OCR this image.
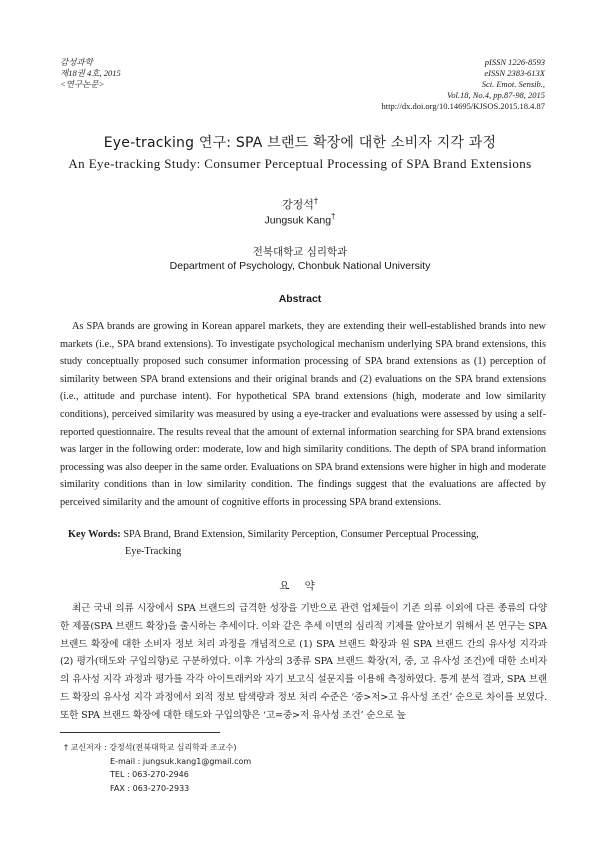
감성과학
제18권 4호, 2015
<연구논문>
pISSN 1226-8593
eISSN 2383-613X
Sci. Emot. Sensib.,
Vol.18, No.4, pp.87-98, 2015
http://dx.doi.org/10.14695/KJSOS.2015.18.4.87
Eye-tracking 연구: SPA 브랜드 확장에 대한 소비자 지각 과정
An Eye-tracking Study: Consumer Perceptual Processing of SPA Brand Extensions
강정석†
Jungsuk Kang†
전북대학교 심리학과
Department of Psychology, Chonbuk National University
Abstract

As SPA brands are growing in Korean apparel markets, they are extending their well-established brands into new markets (i.e., SPA brand extensions). To investigate psychological mechanism underlying SPA brand extensions, this study conceptually proposed such consumer information processing of SPA brand extensions as (1) perception of similarity between SPA brand extensions and their original brands and (2) evaluations on the SPA brand extensions (i.e., attitude and purchase intent). For hypothetical SPA brand extensions (high, moderate and low similarity conditions), perceived similarity was measured by using a eye-tracker and evaluations were assessed by using a self-reported questionnaire. The results reveal that the amount of external information searching for SPA brand extensions was larger in the following order: moderate, low and high similarity conditions. The depth of SPA brand information processing was also deeper in the same order. Evaluations on SPA brand extensions were higher in high and moderate similarity conditions than in low similarity condition. The findings suggest that the evaluations are affected by perceived similarity and the amount of cognitive efforts in processing SPA brand extensions.

Key Words: SPA Brand, Brand Extension, Similarity Perception, Consumer Perceptual Processing,
Eye-Tracking
요 약

최근 국내 의류 시장에서 SPA 브랜드의 급격한 성장을 기반으로 관련 업체들이 기존 의류 이외에 다른 종류의 다양한 제품(SPA 브랜드 확장)을 출시하는 추세이다. 이와 같은 추세 이면의 심리적 기제를 알아보기 위해서 본 연구는 SPA 브랜드 확장에 대한 소비자 정보 처리 과정을 개념적으로 (1) SPA 브랜드 확장과 원 SPA 브랜드 간의 유사성 지각과 (2) 평가(태도와 구입의향)로 구분하였다. 이후 가상의 3종류 SPA 브랜드 확장(저, 중, 고 유사성 조건)에 대한 소비자의 유사성 지각 과정과 평가를 각각 아이트래커와 자기 보고식 설문지를 이용해 측정하였다. 통계 분석 결과, SPA 브랜드 확장의 유사성 지각 과정에서 외적 정보 탐색량과 정보 처리 수준은 ‘중>저>고 유사성 조건’ 순으로 차이를 보였다. 또한 SPA 브랜드 확장에 대한 태도와 구입의향은 ‘고=중>저 유사성 조건’ 순으로 높

† 교신저자 : 강정석(전북대학교 심리학과 조교수)
E-mail : jungsuk.kang1@gmail.com
TEL : 063-270-2946
FAX : 063-270-2933
